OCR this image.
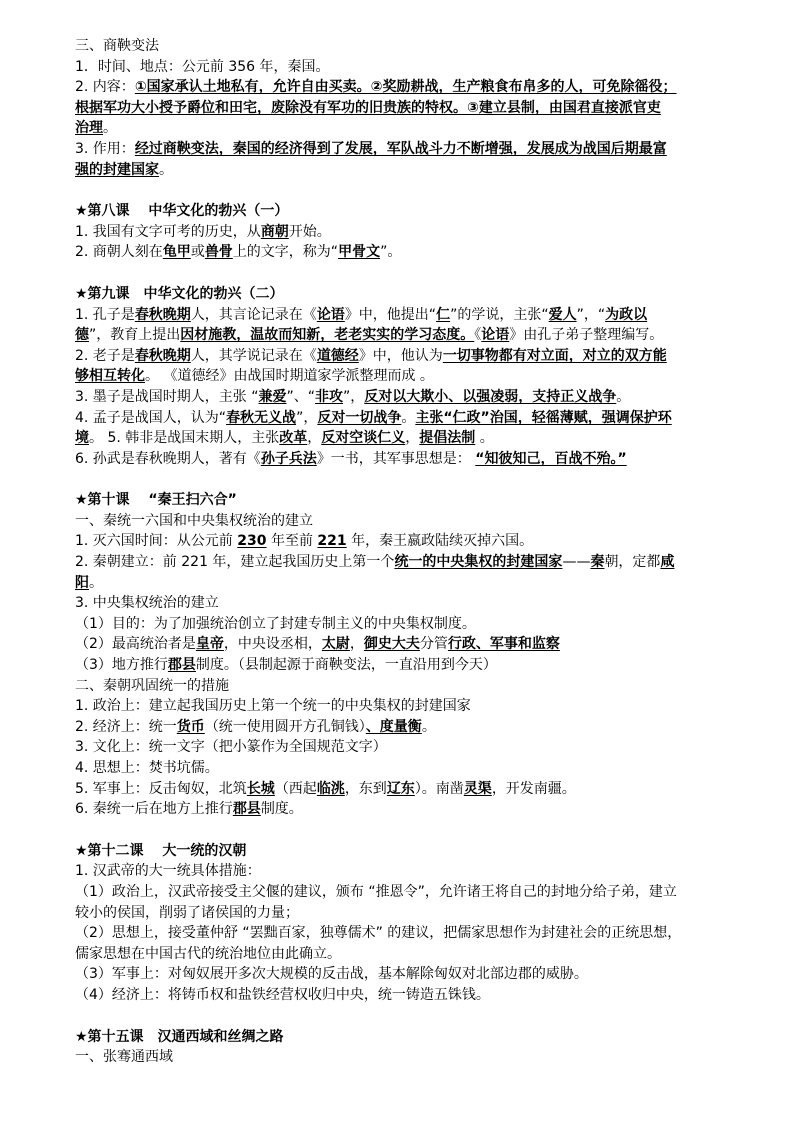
三、商鞅变法
1．时间、地点：公元前 356 年，秦国。
2. 内容：①国家承认土地私有，允许自由买卖。②奖励耕战，生产粮食布帛多的人，可免除徭役；
根据军功大小授予爵位和田宅，废除没有军功的旧贵族的特权。③建立县制，由国君直接派官吏
治理。
3. 作用：经过商鞅变法，秦国的经济得到了发展，军队战斗力不断增强，发展成为战国后期最富
强的封建国家。
★第八课　 中华文化的勃兴（一）
1. 我国有文字可考的历史，从商朝开始。
2. 商朝人刻在龟甲或兽骨上的文字，称为“甲骨文”。
★第九课　中华文化的勃兴（二）
1. 孔子是春秋晚期人，其言论记录在《论语》中，他提出“仁”的学说，主张“爱人”，“为政以
德”，教育上提出因材施教，温故而知新，老老实实的学习态度。《论语》由孔子弟子整理编写。
2. 老子是春秋晚期人，其学说记录在《道德经》中，他认为一切事物都有对立面，对立的双方能
够相互转化。 《道德经》由战国时期道家学派整理而成 。
3. 墨子是战国时期人，主张 “兼爱”、“非攻”，反对以大欺小、以强凌弱，支持正义战争。
4. 孟子是战国人，认为“春秋无义战”，反对一切战争。主张“仁政”治国，轻徭薄赋，强调保护环
境。 5. 韩非是战国末期人，主张改革，反对空谈仁义，提倡法制 。
6. 孙武是春秋晚期人，著有《孙子兵法》一书，其军事思想是： “知彼知己，百战不殆。”
★第十课　 “秦王扫六合”
一、秦统一六国和中央集权统治的建立
1. 灭六国时间：从公元前 230 年至前 221 年，秦王嬴政陆续灭掉六国。
2. 秦朝建立：前 221 年，建立起我国历史上第一个统一的中央集权的封建国家——秦朝，定都咸
阳。
3. 中央集权统治的建立
（1）目的：为了加强统治创立了封建专制主义的中央集权制度。
（2）最高统治者是皇帝，中央设丞相，太尉，御史大夫分管行政、军事和监察
（3）地方推行郡县制度。（县制起源于商鞅变法，一直沿用到今天）
二、秦朝巩固统一的措施
1. 政治上：建立起我国历史上第一个统一的中央集权的封建国家
2. 经济上：统一货币（统一使用圆开方孔铜钱）、度量衡。
3. 文化上：统一文字（把小篆作为全国规范文字）
4. 思想上：焚书坑儒。
5. 军事上：反击匈奴，北筑长城（西起临洮，东到辽东）。南凿灵渠，开发南疆。
6. 秦统一后在地方上推行郡县制度。
★第十二课　 大一统的汉朝
1. 汉武帝的大一统具体措施：
（1）政治上，汉武帝接受主父偃的建议，颁布 “推恩令”，允许诸王将自己的封地分给子弟，建立
较小的侯国，削弱了诸侯国的力量；
（2）思想上，接受董仲舒 “罢黜百家，独尊儒术” 的建议，把儒家思想作为封建社会的正统思想，
儒家思想在中国古代的统治地位由此确立。
（3）军事上：对匈奴展开多次大规模的反击战，基本解除匈奴对北部边郡的威胁。
（4）经济上：将铸币权和盐铁经营权收归中央，统一铸造五铢钱。
★第十五课　汉通西域和丝绸之路
一、张骞通西域
